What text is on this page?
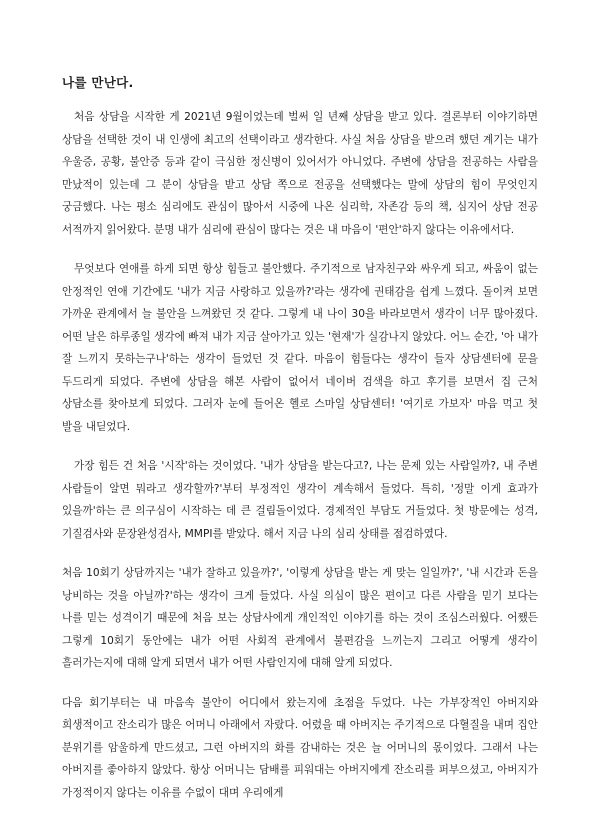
나를 만난다.

처음 상담을 시작한 게 2021년 9월이었는데 벌써 일 년째 상담을 받고 있다. 결론부터 이야기하면 상담을 선택한 것이 내 인생에 최고의 선택이라고 생각한다. 사실 처음 상담을 받으려 했던 계기는 내가 우울증, 공황, 불안증 등과 같이 극심한 정신병이 있어서가 아니었다. 주변에 상담을 전공하는 사람을 만났적이 있는데 그 분이 상담을 받고 상담 쪽으로 전공을 선택했다는 말에 상담의 힘이 무엇인지 궁금했다. 나는 평소 심리에도 관심이 많아서 시중에 나온 심리학, 자존감 등의 책, 심지어 상담 전공 서적까지 읽어왔다. 분명 내가 심리에 관심이 많다는 것은 내 마음이 '편안'하지 않다는 이유에서다.

무엇보다 연애를 하게 되면 항상 힘들고 불안했다. 주기적으로 남자친구와 싸우게 되고, 싸움이 없는 안정적인 연애 기간에도 '내가 지금 사랑하고 있을까?'라는 생각에 권태감을 쉽게 느꼈다. 돌이켜 보면 가까운 관계에서 늘 불안을 느껴왔던 것 같다. 그렇게 내 나이 30을 바라보면서 생각이 너무 많아졌다. 어떤 날은 하루종일 생각에 빠져 내가 지금 살아가고 있는 '현재'가 실감나지 않았다. 어느 순간, '아 내가 잘 느끼지 못하는구나'하는 생각이 들었던 것 같다. 마음이 힘들다는 생각이 들자 상담센터에 문을 두드리게 되었다. 주변에 상담을 해본 사람이 없어서 네이버 검색을 하고 후기를 보면서 집 근처 상담소를 찾아보게 되었다. 그러자 눈에 들어온 헬로 스마일 상담센터! '여기로 가보자' 마음 먹고 첫 발을 내딛었다.

가장 힘든 건 처음 '시작'하는 것이었다. '내가 상담을 받는다고?, 나는 문제 있는 사람일까?, 내 주변 사람들이 알면 뭐라고 생각할까?'부터 부정적인 생각이 계속해서 들었다. 특히, '정말 이게 효과가 있을까'하는 큰 의구심이 시작하는 데 큰 걸림돌이었다. 경제적인 부담도 거들었다. 첫 방문에는 성격, 기질검사와 문장완성검사, MMPI를 받았다. 해서 지금 나의 심리 상태를 점검하였다.

처음 10회기 상담까지는 '내가 잘하고 있을까?', '이렇게 상담을 받는 게 맞는 일일까?', '내 시간과 돈을 낭비하는 것을 아닐까?'하는 생각이 크게 들었다. 사실 의심이 많은 편이고 다른 사람을 믿기 보다는 나를 믿는 성격이기 때문에 처음 보는 상담사에게 개인적인 이야기를 하는 것이 조심스러웠다. 어쨌든 그렇게 10회기 동안에는 내가 어떤 사회적 관계에서 불편감을 느끼는지 그리고 어떻게 생각이 흘러가는지에 대해 알게 되면서 내가 어떤 사람인지에 대해 알게 되었다.

다음 회기부터는 내 마음속 불안이 어디에서 왔는지에 초점을 두었다. 나는 가부장적인 아버지와 희생적이고 잔소리가 많은 어머니 아래에서 자랐다. 어렸을 때 아버지는 주기적으로 다혈질을 내며 집안 분위기를 암울하게 만드셨고, 그런 아버지의 화를 감내하는 것은 늘 어머니의 몫이었다. 그래서 나는 아버지를 좋아하지 않았다. 항상 어머니는 담배를 피워대는 아버지에게 잔소리를 퍼부으셨고, 아버지가 가정적이지 않다는 이유를 수없이 대며 우리에게
